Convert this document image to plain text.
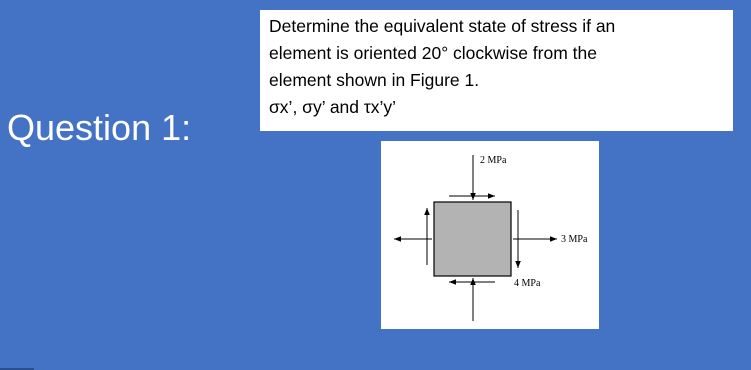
Question 1:
Determine the equivalent state of stress if an
element is oriented 20° clockwise from the
element shown in Figure 1.
σx’, σy’ and τx’y’
2 MPa
3 MPa
4 MPa
